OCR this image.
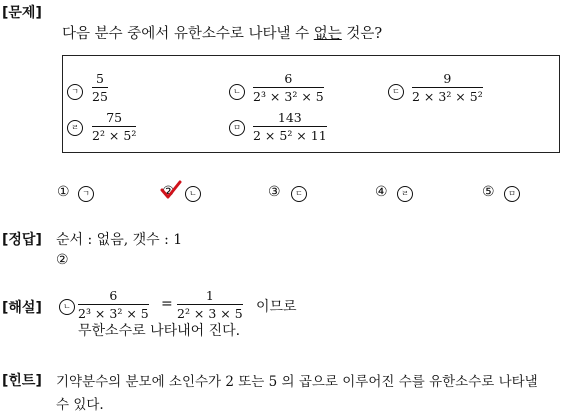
[문제]
다음 분수 중에서 유한소수로 나타낼 수 없는 것은?
ㄱ
5
25	ㄴ
6
2³ × 3² × 5	ㄷ
9
2 × 3² × 5²
ㄹ
75
2² × 5²
ㅁ
143
2 × 5² × 11
①	ㄱ	②	ㄴ	③	ㄷ	④	ㄹ	⑤	ㅁ
[정답] 순서 : 없음, 갯수 : 1
②
[해설]	ㄴ
6
2³ × 3² × 5
=
1
2² × 3 × 5 이므로
무한소수로 나타내어 진다.
[힌트] 기약분수의 분모에 소인수가 2 또는 5 의 곱으로 이루어진 수를 유한소수로 나타낼
수 있다.
